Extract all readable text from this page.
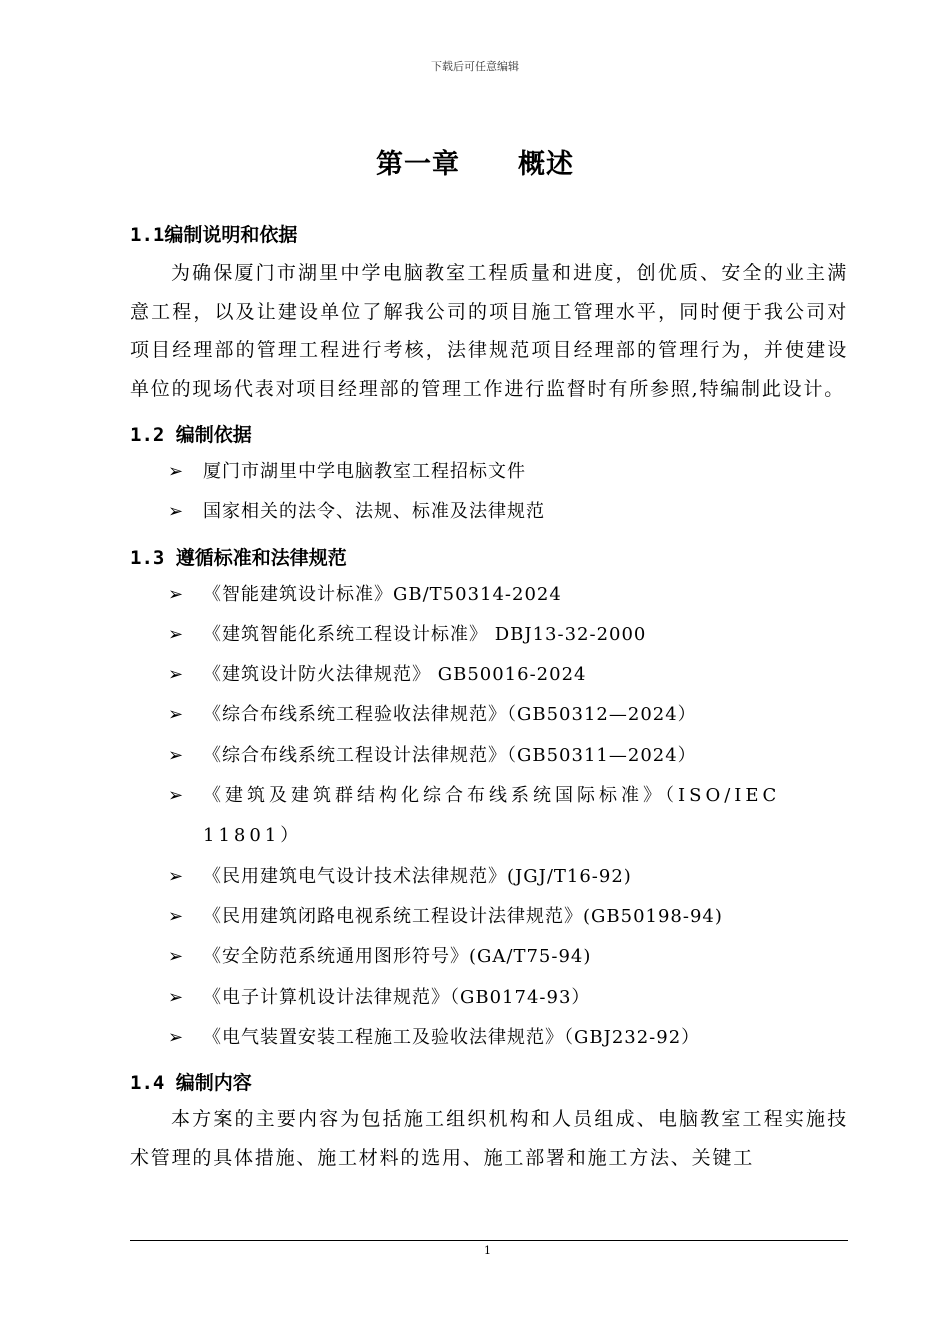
下载后可任意编辑
第一章 概述
1.1编制说明和依据

为确保厦门市湖里中学电脑教室工程质量和进度，创优质、安全的业主满意工程，以及让建设单位了解我公司的项目施工管理水平，同时便于我公司对项目经理部的管理工程进行考核，法律规范项目经理部的管理行为，并使建设单位的现场代表对项目经理部的管理工作进行监督时有所参照,特编制此设计。

1.2 编制依据
➢ 厦门市湖里中学电脑教室工程招标文件
➢ 国家相关的法令、法规、标准及法律规范
1.3 遵循标准和法律规范
➢ 《智能建筑设计标准》GB/T50314-2024
➢ 《建筑智能化系统工程设计标准》 DBJ13-32-2000
➢ 《建筑设计防火法律规范》 GB50016-2024
➢ 《综合布线系统工程验收法律规范》（GB50312—2024）
➢ 《综合布线系统工程设计法律规范》（GB50311—2024）
➢ 《建筑及建筑群结构化综合布线系统国际标准》（ISO/IEC 11801）
➢ 《民用建筑电气设计技术法律规范》(JGJ/T16-92)
➢ 《民用建筑闭路电视系统工程设计法律规范》(GB50198-94)
➢ 《安全防范系统通用图形符号》(GA/T75-94)
➢ 《电子计算机设计法律规范》（GB0174-93）
➢ 《电气装置安装工程施工及验收法律规范》（GBJ232-92）
1.4 编制内容

本方案的主要内容为包括施工组织机构和人员组成、电脑教室工程实施技术管理的具体措施、施工材料的选用、施工部署和施工方法、关键工

1
